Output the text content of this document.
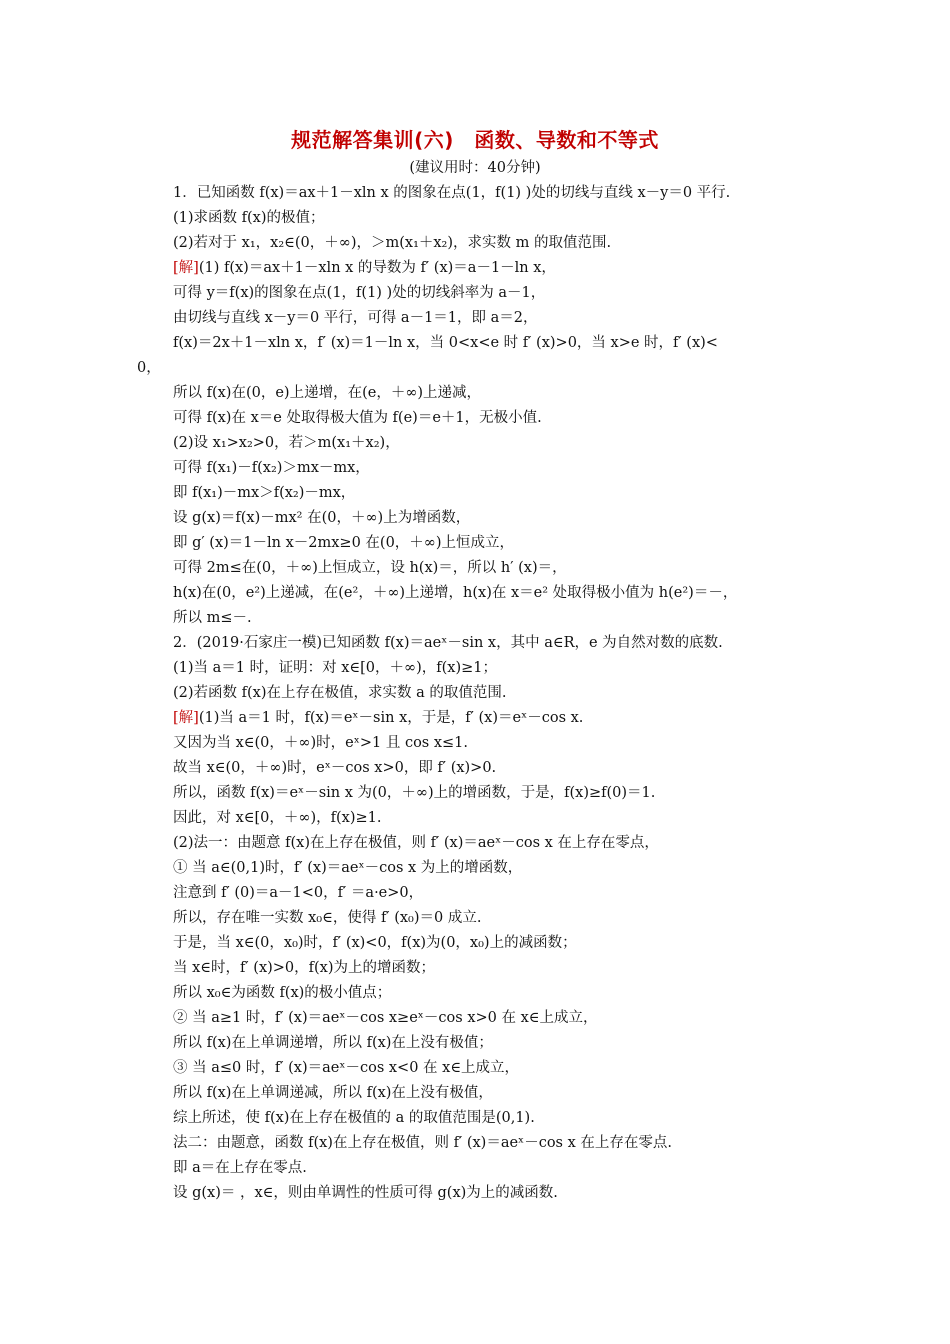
规范解答集训(六)　函数、导数和不等式
(建议用时：40分钟)
1．已知函数 f(x)＝ax＋1－xln x 的图象在点(1，f(1) )处的切线与直线 x－y＝0 平行.
(1)求函数 f(x)的极值；
(2)若对于 x₁，x₂∈(0，＋∞)，＞m(x₁＋x₂)，求实数 m 的取值范围.
[解](1) f(x)＝ax＋1－xln x 的导数为 f′ (x)＝a－1－ln x，
可得 y＝f(x)的图象在点(1，f(1) )处的切线斜率为 a－1，
由切线与直线 x－y＝0 平行，可得 a－1＝1，即 a＝2，
f(x)＝2x＋1－xln x，f′ (x)＝1－ln x，当 0<x<e 时 f′ (x)>0，当 x>e 时，f′ (x)<
0，
所以 f(x)在(0，e)上递增，在(e，＋∞)上递减，
可得 f(x)在 x＝e 处取得极大值为 f(e)＝e＋1，无极小值.
(2)设 x₁>x₂>0，若＞m(x₁＋x₂)，
可得 f(x₁)－f(x₂)＞mx－mx，
即 f(x₁)－mx＞f(x₂)－mx，
设 g(x)＝f(x)－mx² 在(0，＋∞)上为增函数，
即 g′ (x)＝1－ln x－2mx≥0 在(0，＋∞)上恒成立，
可得 2m≤在(0，＋∞)上恒成立，设 h(x)＝，所以 h′ (x)＝，
h(x)在(0，e²)上递减，在(e²，＋∞)上递增，h(x)在 x＝e² 处取得极小值为 h(e²)＝－，
所以 m≤－.
2．(2019·石家庄一模)已知函数 f(x)＝aeˣ－sin x，其中 a∈R，e 为自然对数的底数.
(1)当 a＝1 时，证明：对 x∈[0，＋∞)，f(x)≥1；
(2)若函数 f(x)在上存在极值，求实数 a 的取值范围.
[解](1)当 a＝1 时，f(x)＝eˣ－sin x，于是，f′ (x)＝eˣ－cos x.
又因为当 x∈(0，＋∞)时，eˣ>1 且 cos x≤1.
故当 x∈(0，＋∞)时，eˣ－cos x>0，即 f′ (x)>0.
所以，函数 f(x)＝eˣ－sin x 为(0，＋∞)上的增函数，于是，f(x)≥f(0)＝1.
因此，对 x∈[0，＋∞)，f(x)≥1.
(2)法一：由题意 f(x)在上存在极值，则 f′ (x)＝aeˣ－cos x 在上存在零点，
① 当 a∈(0,1)时，f′ (x)＝aeˣ－cos x 为上的增函数，
注意到 f′ (0)＝a－1<0，f′ ＝a·e>0，
所以，存在唯一实数 x₀∈，使得 f′ (x₀)＝0 成立.
于是，当 x∈(0，x₀)时，f′ (x)<0，f(x)为(0，x₀)上的减函数；
当 x∈时，f′ (x)>0，f(x)为上的增函数；
所以 x₀∈为函数 f(x)的极小值点；
② 当 a≥1 时，f′ (x)＝aeˣ－cos x≥eˣ－cos x>0 在 x∈上成立，
所以 f(x)在上单调递增，所以 f(x)在上没有极值；
③ 当 a≤0 时，f′ (x)＝aeˣ－cos x<0 在 x∈上成立，
所以 f(x)在上单调递减，所以 f(x)在上没有极值，
综上所述，使 f(x)在上存在极值的 a 的取值范围是(0,1).
法二：由题意，函数 f(x)在上存在极值，则 f′ (x)＝aeˣ－cos x 在上存在零点.
即 a＝在上存在零点.
设 g(x)＝ ，x∈，则由单调性的性质可得 g(x)为上的减函数.
